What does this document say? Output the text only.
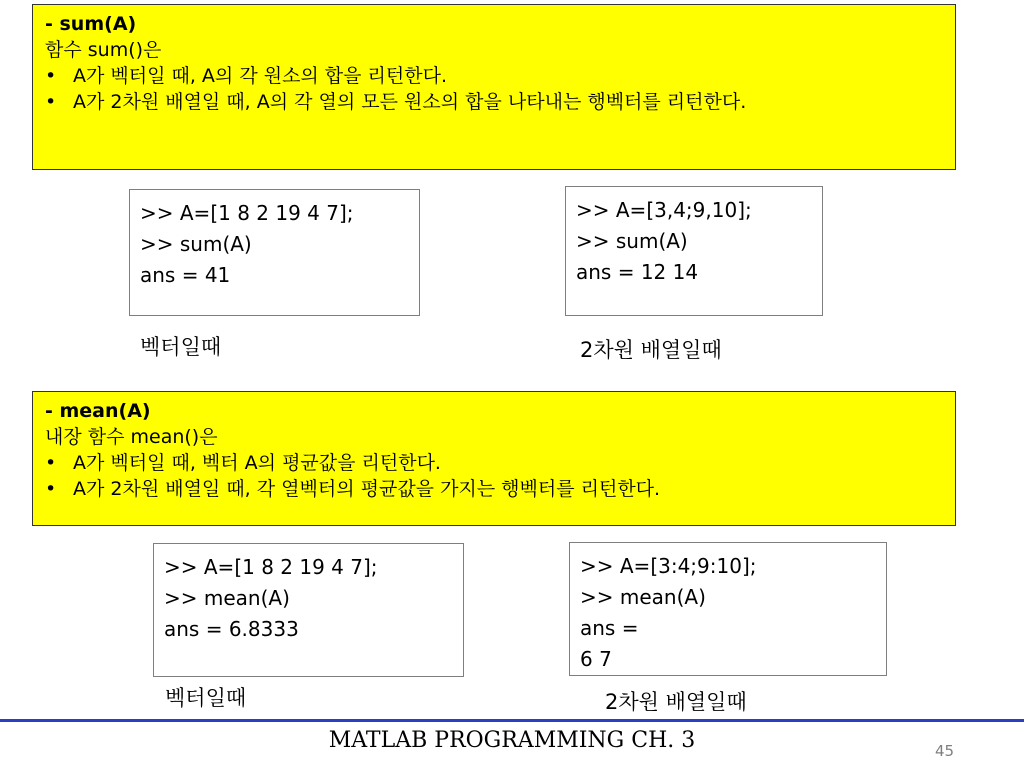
- sum(A)
함수 sum()은
• A가 벡터일 때, A의 각 원소의 합을 리턴한다.
• A가 2차원 배열일 때, A의 각 열의 모든 원소의 합을 나타내는 행벡터를 리턴한다.
>> A=[1 8 2 19 4 7];
>> sum(A)
ans = 41
>> A=[3,4;9,10];
>> sum(A)
ans = 12 14
벡터일때	2차원 배열일때
- mean(A)
내장 함수 mean()은
• A가 벡터일 때, 벡터 A의 평균값을 리턴한다.
• A가 2차원 배열일 때, 각 열벡터의 평균값을 가지는 행벡터를 리턴한다.
>> A=[1 8 2 19 4 7];
>> mean(A)
ans = 6.8333
>> A=[3:4;9:10];
>> mean(A)
ans =
6 7
벡터일때	2차원 배열일때
MATLAB PROGRAMMING CH. 3	45
